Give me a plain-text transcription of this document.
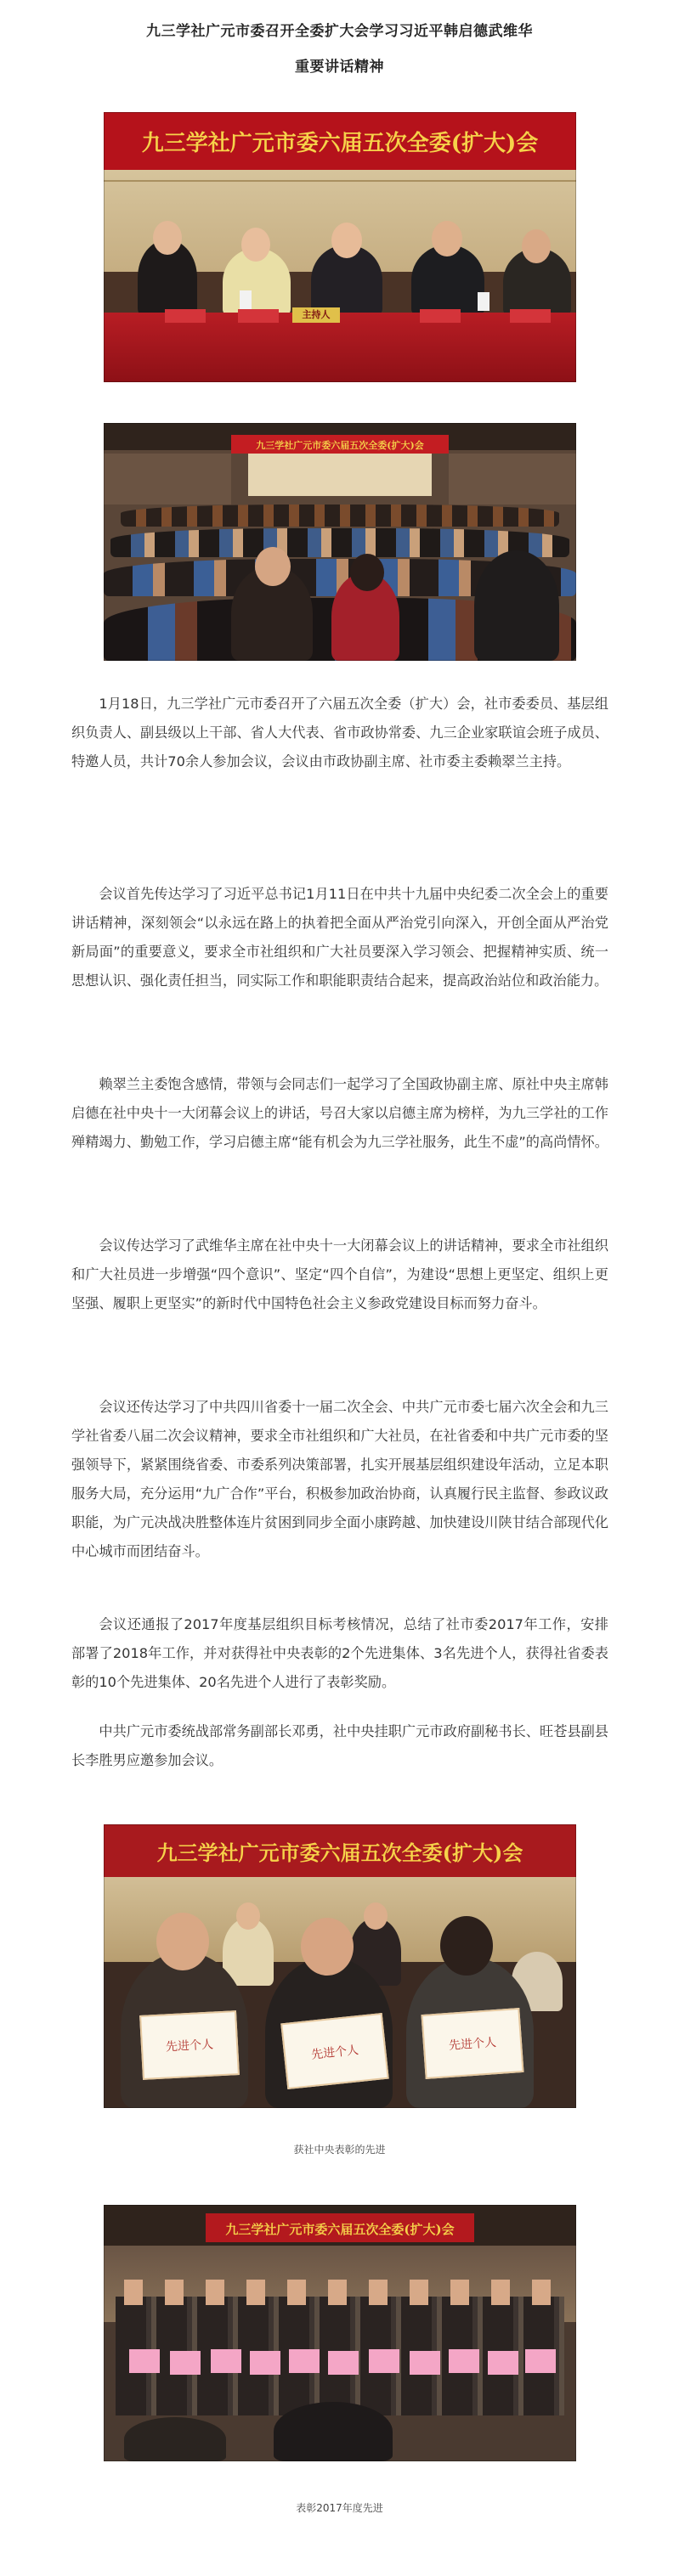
九三学社广元市委召开全委扩大会学习习近平韩启德武维华
重要讲话精神
九三学社广元市委六届五次全委(扩大)会
主持人
九三学社广元市委六届五次全委(扩大)会

1月18日，九三学社广元市委召开了六届五次全委（扩大）会，社市委委员、基层组织负责人、副县级以上干部、省人大代表、省市政协常委、九三企业家联谊会班子成员、特邀人员，共计70余人参加会议，会议由市政协副主席、社市委主委赖翠兰主持。

会议首先传达学习了习近平总书记1月11日在中共十九届中央纪委二次全会上的重要讲话精神，深刻领会“以永远在路上的执着把全面从严治党引向深入，开创全面从严治党新局面”的重要意义，要求全市社组织和广大社员要深入学习领会、把握精神实质、统一思想认识、强化责任担当，同实际工作和职能职责结合起来，提高政治站位和政治能力。

赖翠兰主委饱含感情，带领与会同志们一起学习了全国政协副主席、原社中央主席韩启德在社中央十一大闭幕会议上的讲话，号召大家以启德主席为榜样，为九三学社的工作殚精竭力、勤勉工作，学习启德主席“能有机会为九三学社服务，此生不虚”的高尚情怀。

会议传达学习了武维华主席在社中央十一大闭幕会议上的讲话精神，要求全市社组织和广大社员进一步增强“四个意识”、坚定“四个自信”，为建设“思想上更坚定、组织上更坚强、履职上更坚实”的新时代中国特色社会主义参政党建设目标而努力奋斗。

会议还传达学习了中共四川省委十一届二次全会、中共广元市委七届六次全会和九三学社省委八届二次会议精神，要求全市社组织和广大社员，在社省委和中共广元市委的坚强领导下，紧紧围绕省委、市委系列决策部署，扎实开展基层组织建设年活动，立足本职服务大局，充分运用“九广合作”平台，积极参加政治协商，认真履行民主监督、参政议政职能，为广元决战决胜整体连片贫困到同步全面小康跨越、加快建设川陕甘结合部现代化中心城市而团结奋斗。

会议还通报了2017年度基层组织目标考核情况，总结了社市委2017年工作，安排部署了2018年工作，并对获得社中央表彰的2个先进集体、3名先进个人，获得社省委表彰的10个先进集体、20名先进个人进行了表彰奖励。

中共广元市委统战部常务副部长邓勇，社中央挂职广元市政府副秘书长、旺苍县副县长李胜男应邀参加会议。

九三学社广元市委六届五次全委(扩大)会
先进个人	先进个人	先进个人
获社中央表彰的先进
九三学社广元市委六届五次全委(扩大)会
表彰2017年度先进
